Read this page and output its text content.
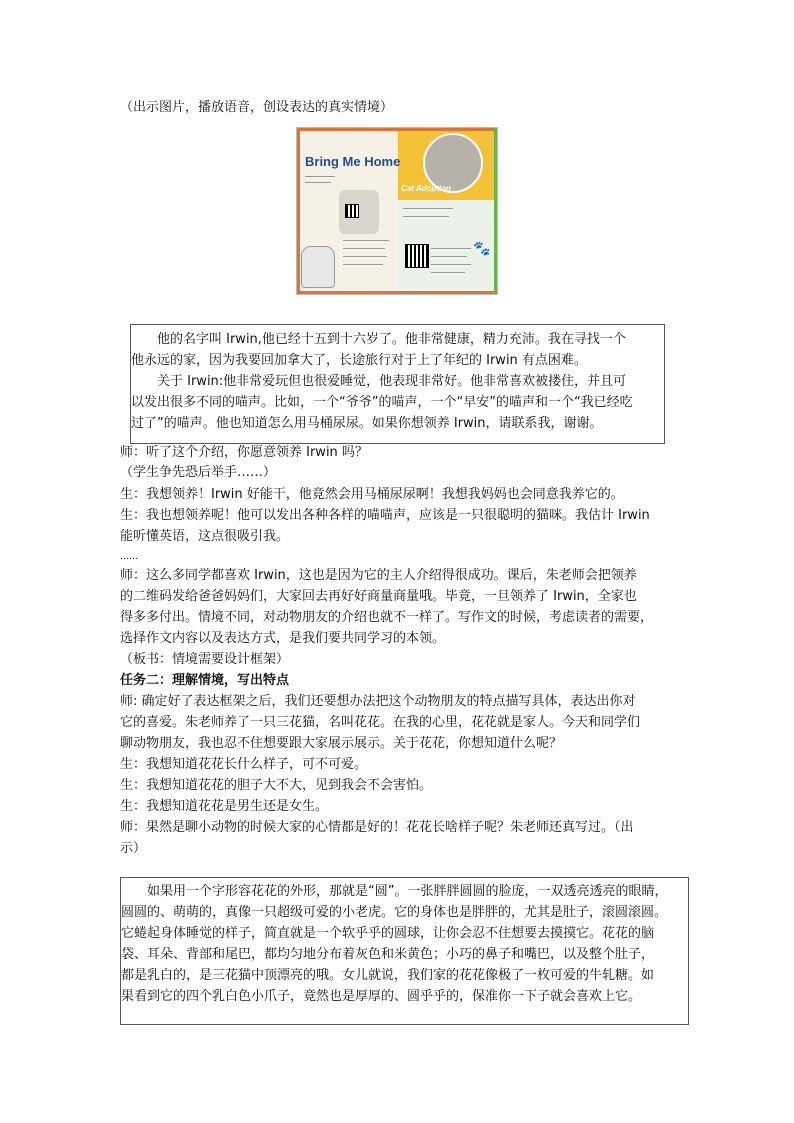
（出示图片，播放语音，创设表达的真实情境）
Bring Me Home
Cat Adoption
🐾

他的名字叫 Irwin,他已经十五到十六岁了。他非常健康，精力充沛。我在寻找一个

他永远的家，因为我要回加拿大了，长途旅行对于上了年纪的 Irwin 有点困难。

关于 Irwin:他非常爱玩但也很爱睡觉，他表现非常好。他非常喜欢被搂住，并且可

以发出很多不同的喵声。比如，一个“爷爷”的喵声，一个“早安”的喵声和一个“我已经吃
过了”的喵声。他也知道怎么用马桶尿尿。如果你想领养 Irwin，请联系我，谢谢。
师：听了这个介绍，你愿意领养 Irwin 吗？
（学生争先恐后举手……）
生：我想领养！Irwin 好能干，他竟然会用马桶尿尿啊！我想我妈妈也会同意我养它的。
生：我也想领养呢！他可以发出各种各样的喵喵声，应该是一只很聪明的猫咪。我估计 Irwin
能听懂英语，这点很吸引我。
……
师：这么多同学都喜欢 Irwin，这也是因为它的主人介绍得很成功。课后，朱老师会把领养
的二维码发给爸爸妈妈们，大家回去再好好商量商量哦。毕竟，一旦领养了 Irwin，全家也
得多多付出。情境不同，对动物朋友的介绍也就不一样了。写作文的时候，考虑读者的需要，
选择作文内容以及表达方式，是我们要共同学习的本领。
（板书：情境需要设计框架）
任务二：理解情境，写出特点
师: 确定好了表达框架之后，我们还要想办法把这个动物朋友的特点描写具体，表达出你对
它的喜爱。朱老师养了一只三花猫，名叫花花。在我的心里，花花就是家人。今天和同学们
聊动物朋友，我也忍不住想要跟大家展示展示。关于花花，你想知道什么呢？
生：我想知道花花长什么样子，可不可爱。
生：我想知道花花的胆子大不大，见到我会不会害怕。
生：我想知道花花是男生还是女生。
师：果然是聊小动物的时候大家的心情都是好的！花花长啥样子呢？朱老师还真写过。（出
示）

如果用一个字形容花花的外形，那就是“圆”。一张胖胖圆圆的脸庞，一双透亮透亮的眼睛，

圆圆的、萌萌的，真像一只超级可爱的小老虎。它的身体也是胖胖的，尤其是肚子，滚圆滚圆。
它蜷起身体睡觉的样子，简直就是一个软乎乎的圆球，让你会忍不住想要去摸摸它。花花的脑
袋、耳朵、背部和尾巴，都均匀地分布着灰色和米黄色；小巧的鼻子和嘴巴，以及整个肚子，
都是乳白的，是三花猫中顶漂亮的哦。女儿就说，我们家的花花像极了一枚可爱的牛轧糖。如
果看到它的四个乳白色小爪子，竟然也是厚厚的、圆乎乎的，保准你一下子就会喜欢上它。
